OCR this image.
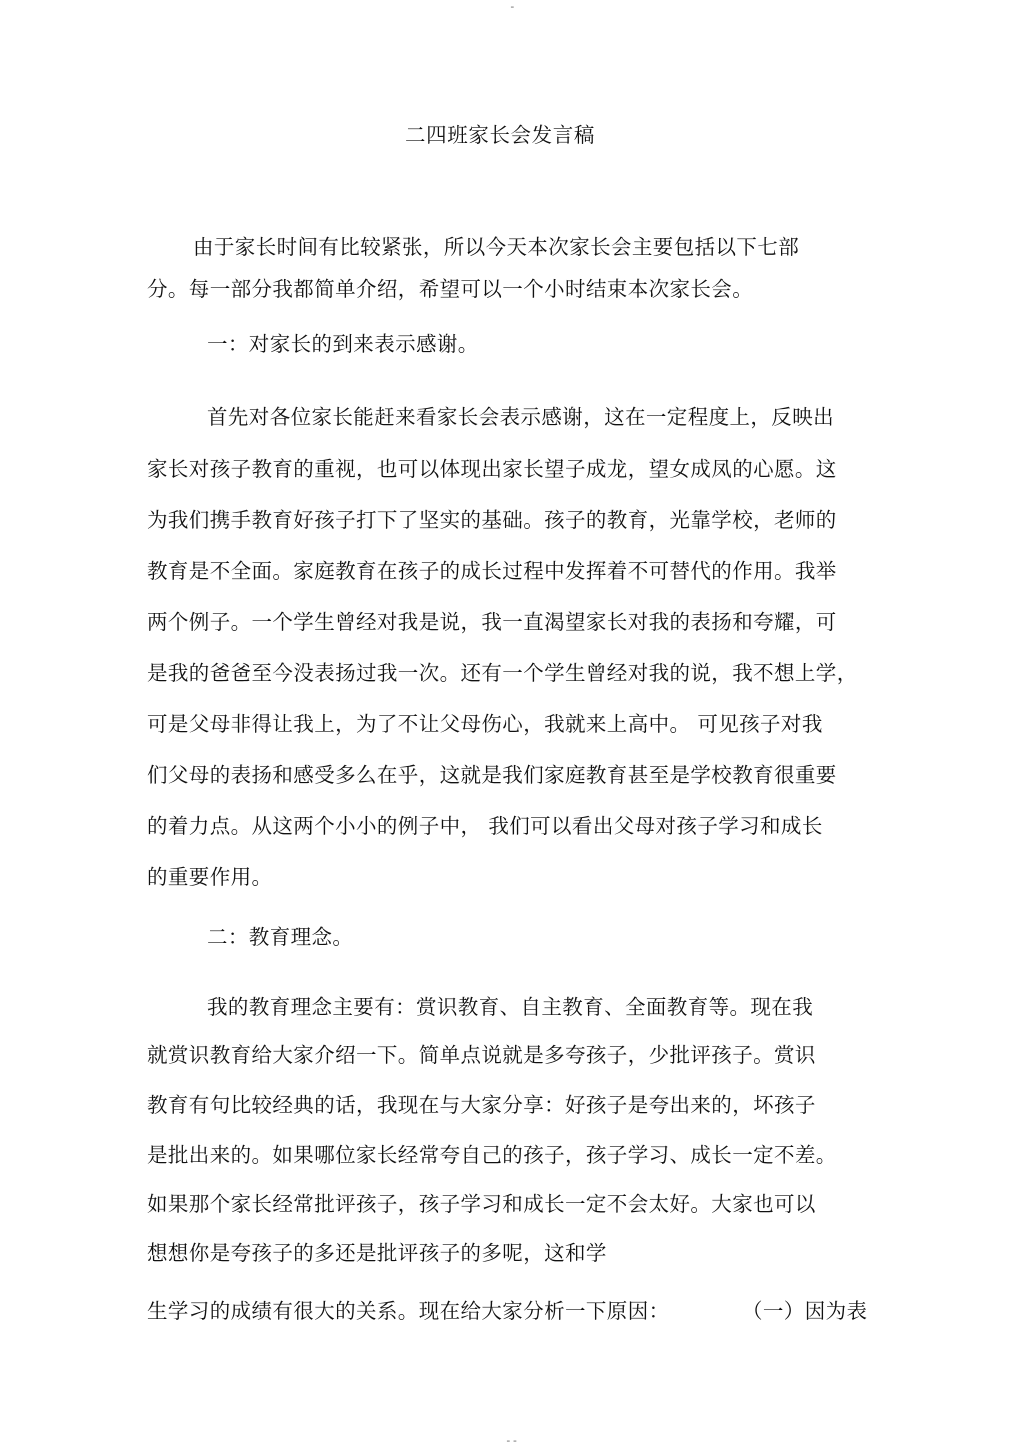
-
二四班家长会发言稿
由于家长时间有比较紧张，所以今天本次家长会主要包括以下七部
分。每一部分我都简单介绍，希望可以一个小时结束本次家长会。
一：对家长的到来表示感谢。
首先对各位家长能赶来看家长会表示感谢，这在一定程度上，反映出
家长对孩子教育的重视，也可以体现出家长望子成龙，望女成凤的心愿。这
为我们携手教育好孩子打下了坚实的基础。孩子的教育，光靠学校，老师的
教育是不全面。家庭教育在孩子的成长过程中发挥着不可替代的作用。我举
两个例子。一个学生曾经对我是说，我一直渴望家长对我的表扬和夸耀，可
是我的爸爸至今没表扬过我一次。还有一个学生曾经对我的说，我不想上学，
可是父母非得让我上，为了不让父母伤心，我就来上高中。 可见孩子对我
们父母的表扬和感受多么在乎，这就是我们家庭教育甚至是学校教育很重要
的着力点。从这两个小小的例子中， 我们可以看出父母对孩子学习和成长
的重要作用。
二：教育理念。
我的教育理念主要有：赏识教育、自主教育、全面教育等。现在我
就赏识教育给大家介绍一下。简单点说就是多夸孩子，少批评孩子。赏识
教育有句比较经典的话，我现在与大家分享：好孩子是夸出来的，坏孩子
是批出来的。如果哪位家长经常夸自己的孩子，孩子学习、成长一定不差。
如果那个家长经常批评孩子，孩子学习和成长一定不会太好。大家也可以
想想你是夸孩子的多还是批评孩子的多呢，这和学
生学习的成绩有很大的关系。现在给大家分析一下原因：	（一）因为表
--
